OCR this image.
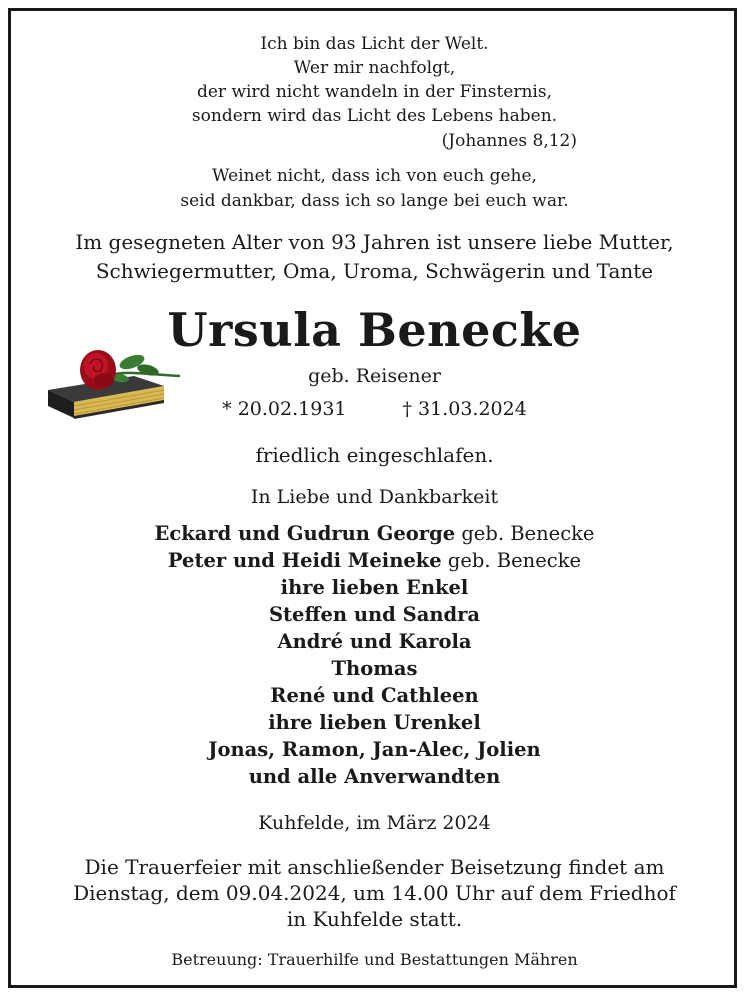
Ich bin das Licht der Welt.
Wer mir nachfolgt,
der wird nicht wandeln in der Finsternis,
sondern wird das Licht des Lebens haben.
(Johannes 8,12)
Weinet nicht, dass ich von euch gehe,
seid dankbar, dass ich so lange bei euch war.
Im gesegneten Alter von 93 Jahren ist unsere liebe Mutter,
Schwiegermutter, Oma, Uroma, Schwägerin und Tante
Ursula Benecke
geb. Reisener
* 20.02.1931	† 31.03.2024
friedlich eingeschlafen.
In Liebe und Dankbarkeit
Eckard und Gudrun George geb. Benecke
Peter und Heidi Meineke geb. Benecke
ihre lieben Enkel
Steffen und Sandra
André und Karola
Thomas
René und Cathleen
ihre lieben Urenkel
Jonas, Ramon, Jan-Alec, Jolien
und alle Anverwandten
Kuhfelde, im März 2024
Die Trauerfeier mit anschließender Beisetzung findet am
Dienstag, dem 09.04.2024, um 14.00 Uhr auf dem Friedhof
in Kuhfelde statt.
Betreuung: Trauerhilfe und Bestattungen Mähren
